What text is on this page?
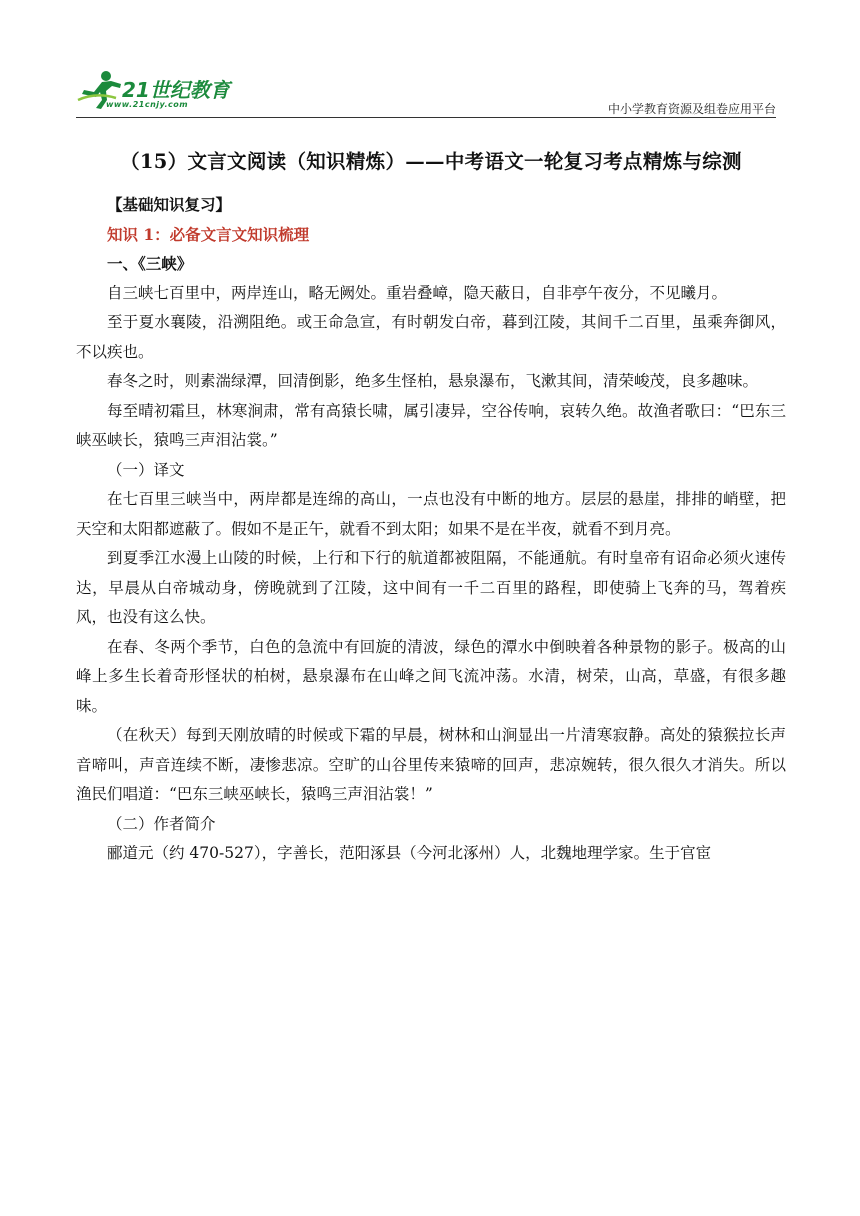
21世纪教育
www.21cnjy.com	中小学教育资源及组卷应用平台
（15）文言文阅读（知识精炼）——中考语文一轮复习考点精炼与综测

【基础知识复习】

知识 1：必备文言文知识梳理

一、《三峡》

自三峡七百里中，两岸连山，略无阙处。重岩叠嶂，隐天蔽日，自非亭午夜分，不见曦月。

至于夏水襄陵，沿溯阻绝。或王命急宣，有时朝发白帝，暮到江陵，其间千二百里，虽乘奔御风，不以疾也。

春冬之时，则素湍绿潭，回清倒影，绝多生怪柏，悬泉瀑布，飞漱其间，清荣峻茂，良多趣味。

每至晴初霜旦，林寒涧肃，常有高猿长啸，属引凄异，空谷传响，哀转久绝。故渔者歌曰：“巴东三峡巫峡长，猿鸣三声泪沾裳。”

（一）译文

在七百里三峡当中，两岸都是连绵的高山，一点也没有中断的地方。层层的悬崖，排排的峭壁，把天空和太阳都遮蔽了。假如不是正午，就看不到太阳；如果不是在半夜，就看不到月亮。

到夏季江水漫上山陵的时候，上行和下行的航道都被阻隔，不能通航。有时皇帝有诏命必须火速传达，早晨从白帝城动身，傍晚就到了江陵，这中间有一千二百里的路程，即使骑上飞奔的马，驾着疾风，也没有这么快。

在春、冬两个季节，白色的急流中有回旋的清波，绿色的潭水中倒映着各种景物的影子。极高的山峰上多生长着奇形怪状的柏树，悬泉瀑布在山峰之间飞流冲荡。水清，树荣，山高，草盛，有很多趣味。

（在秋天）每到天刚放晴的时候或下霜的早晨，树林和山涧显出一片清寒寂静。高处的猿猴拉长声音啼叫，声音连续不断，凄惨悲凉。空旷的山谷里传来猿啼的回声，悲凉婉转，很久很久才消失。所以渔民们唱道：“巴东三峡巫峡长，猿鸣三声泪沾裳！”

（二）作者简介

郦道元（约 470-527），字善长，范阳涿县（今河北涿州）人，北魏地理学家。生于官宦
